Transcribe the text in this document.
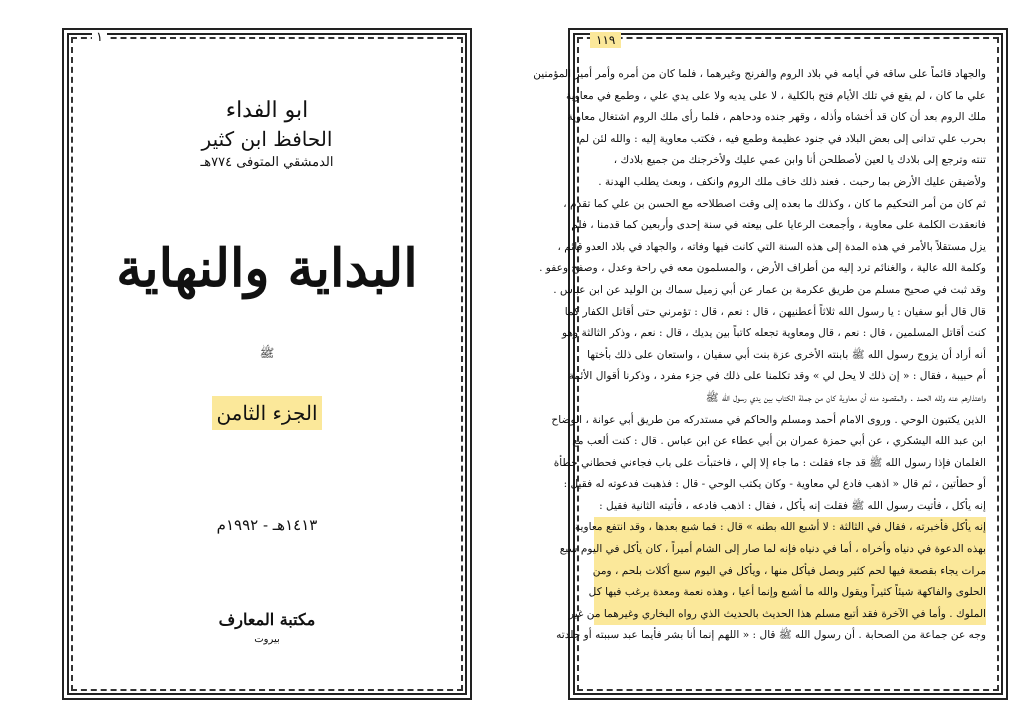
١
ابو الفداء
الحافظ ابن كثير
الدمشقي المتوفى ٧٧٤هـ
البداية والنهاية
ﷺ
الجزء الثامن
١٤١٣هـ - ١٩٩٢م
مكتبة المعارف
بيروت
١١٩
والجهاد قائماً على ساقه في أيامه في بلاد الروم والفرنج وغيرهما ، فلما كان من أمره وأمر أمير المؤمنين
علي ما كان ، لم يقع في تلك الأيام فتح بالكلية ، لا على يديه ولا على يدي علي ، وطمع في معاوية
ملك الروم بعد أن كان قد أخشاه وأذله ، وقهر جنده ودحاهم ، فلما رأى ملك الروم اشتغال معاوية
بحرب علي تدانى إلى بعض البلاد في جنود عظيمة وطمع فيه ، فكتب معاوية إليه : والله لئن لم
تنته وترجع إلى بلادك يا لعين لأصطلحن أنا وابن عمي عليك ولأخرجنك من جميع بلادك ،
ولأضيقن عليك الأرض بما رحبت . فعند ذلك خاف ملك الروم وانكف ، وبعث يطلب الهدنة .
ثم كان من أمر التحكيم ما كان ، وكذلك ما بعده إلى وقت اصطلاحه مع الحسن بن علي كما تقدم ،
فانعقدت الكلمة على معاوية ، وأجمعت الرعايا على بيعته في سنة إحدى وأربعين كما قدمنا ، فلم
يزل مستقلاً بالأمر في هذه المدة إلى هذه السنة التي كانت فيها وفاته ، والجهاد في بلاد العدو قائم ،
وكلمة الله عالية ، والغنائم ترد إليه من أطراف الأرض ، والمسلمون معه في راحة وعدل ، وصفح وعفو .
وقد ثبت في صحيح مسلم من طريق عكرمة بن عمار عن أبي زميل سماك بن الوليد عن ابن عباس .
قال قال أبو سفيان : يا رسول الله ثلاثاً أعطنيهن ، قال : نعم ، قال : تؤمرني حتى أقاتل الكفار كما
كنت أقاتل المسلمين ، قال : نعم ، قال ومعاوية تجعله كاتباً بين يديك ، قال : نعم ، وذكر الثالثة وهو
أنه أراد أن يزوج رسول الله ﷺ بابنته الأخرى عزة بنت أبي سفيان ، واستعان على ذلك بأختها
أم حبيبة ، فقال : « إن ذلك لا يحل لي » وقد تكلمنا على ذلك في جزء مفرد ، وذكرنا أقوال الأئمة
واعتذارهم عنه ولله الحمد . والمقصود منه أن معاوية كان من جملة الكتاب بين يدي رسول الله ﷺ
الذين يكتبون الوحي . وروى الامام أحمد ومسلم والحاكم في مستدركه من طريق أبي عوانة ، الوضاح
ابن عبد الله اليشكري ، عن أبي حمزة عمران بن أبي عطاء عن ابن عباس . قال : كنت ألعب مع
الغلمان فإذا رسول الله ﷺ قد جاء فقلت : ما جاء إلا إلي ، فاختبأت على باب فجاءني فحطاني حطأة
أو حطأتين ، ثم قال « اذهب فادع لي معاوية - وكان يكتب الوحي - قال : فذهبت فدعوته له فقيل :
إنه يأكل ، فأتيت رسول الله ﷺ فقلت إنه يأكل ، فقال : اذهب فادعه ، فأتيته الثانية فقيل :
إنه يأكل فأخبرته ، فقال في الثالثة : لا أشبع الله بطنه » قال : فما شبع بعدها ، وقد انتفع معاوية
بهذه الدعوة في دنياه وأخراه ، أما في دنياه فإنه لما صار إلى الشام أميراً ، كان يأكل في اليوم سبع
مرات يجاء بقصعة فيها لحم كثير وبصل فيأكل منها ، ويأكل في اليوم سبع أكلات بلحم ، ومن
الحلوى والفاكهة شيئاً كثيراً ويقول والله ما أشبع وإنما أعيا ، وهذه نعمة ومعدة يرغب فيها كل
الملوك . وأما في الآخرة فقد أتبع مسلم هذا الحديث بالحديث الذي رواه البخاري وغيرهما من غير
وجه عن جماعة من الصحابة . أن رسول الله ﷺ قال : « اللهم إنما أنا بشر فأيما عبد سببته أو جلدته
